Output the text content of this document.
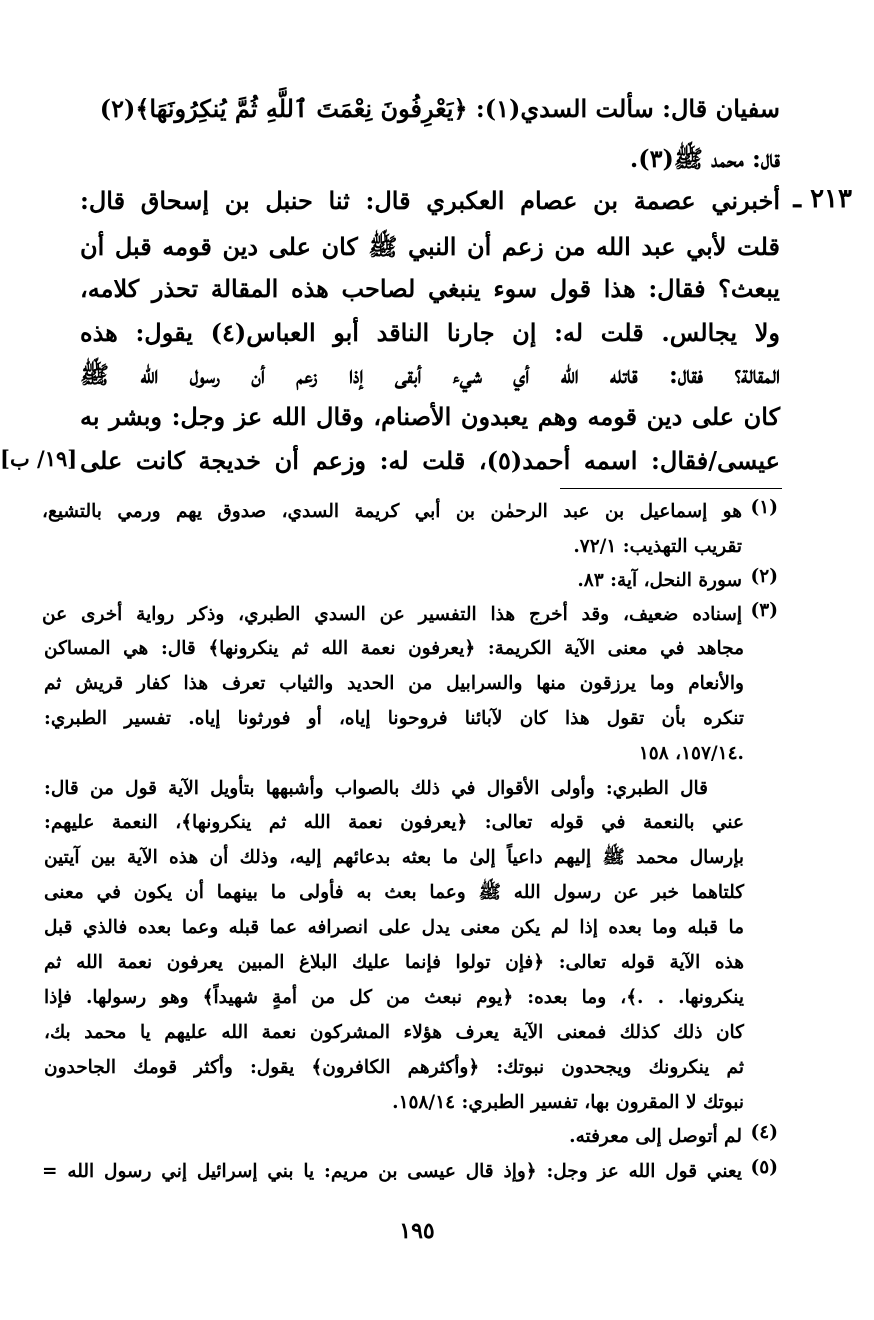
سفيان قال: سألت السدي(١): ﴿يَعْرِفُونَ نِعْمَتَ ٱللَّهِ ثُمَّ يُنكِرُونَهَا﴾(٢)
قال: محمد ﷺ(٣).
٢١٣ ـ
أخبرني عصمة بن عصام العكبري قال: ثنا حنبل بن إسحاق قال:
قلت لأبي عبد الله من زعم أن النبي ﷺ كان على دين قومه قبل أن
يبعث؟ فقال: هذا قول سوء ينبغي لصاحب هذه المقالة تحذر كلامه،
ولا يجالس. قلت له: إن جارنا الناقد أبو العباس(٤) يقول: هذه
المقالة؟ فقال: قاتله الله أي شيء أبقى إذا زعم أن رسول الله ﷺ
كان على دين قومه وهم يعبدون الأصنام، وقال الله عز وجل: وبشر به
عيسى/فقال: اسمه أحمد(٥)، قلت له: وزعم أن خديجة كانت على
[١٩/ ب]
(١)
هو إسماعيل بن عبد الرحمٰن بن أبي كريمة السدي، صدوق يهم ورمي بالتشيع،
تقريب التهذيب: ٧٢/١.
(٢)
سورة النحل، آية: ٨٣.
(٣)
إسناده ضعيف، وقد أخرج هذا التفسير عن السدي الطبري، وذكر رواية أخرى عن
مجاهد في معنى الآية الكريمة: ﴿يعرفون نعمة الله ثم ينكرونها﴾ قال: هي المساكن
والأنعام وما يرزقون منها والسرابيل من الحديد والثياب تعرف هذا كفار قريش ثم
تنكره بأن تقول هذا كان لآبائنا فروحونا إياه، أو فورثونا إياه. تفسير الطبري:
١٥٧/١٤، ١٥٨.
قال الطبري: وأولى الأقوال في ذلك بالصواب وأشبهها بتأويل الآية قول من قال:
عني بالنعمة في قوله تعالى: ﴿يعرفون نعمة الله ثم ينكرونها﴾، النعمة عليهم:
بإرسال محمد ﷺ إليهم داعياً إلىٰ ما بعثه بدعائهم إليه، وذلك أن هذه الآية بين آيتين
كلتاهما خبر عن رسول الله ﷺ وعما بعث به فأولى ما بينهما أن يكون في معنى
ما قبله وما بعده إذا لم يكن معنى يدل على انصرافه عما قبله وعما بعده فالذي قبل
هذه الآية قوله تعالى: ﴿فإن تولوا فإنما عليك البلاغ المبين يعرفون نعمة الله ثم
ينكرونها. . .﴾، وما بعده: ﴿يوم نبعث من كل من أمةٍ شهيداً﴾ وهو رسولها. فإذا
كان ذلك كذلك فمعنى الآية يعرف هؤلاء المشركون نعمة الله عليهم يا محمد بك،
ثم ينكرونك ويجحدون نبوتك: ﴿وأكثرهم الكافرون﴾ يقول: وأكثر قومك الجاحدون
نبوتك لا المقرون بها، تفسير الطبري: ١٥٨/١٤.
(٤)
لم أتوصل إلى معرفته.
(٥)
يعني قول الله عز وجل: ﴿وإذ قال عيسى بن مريم: يا بني إسرائيل إني رسول الله =
١٩٥
